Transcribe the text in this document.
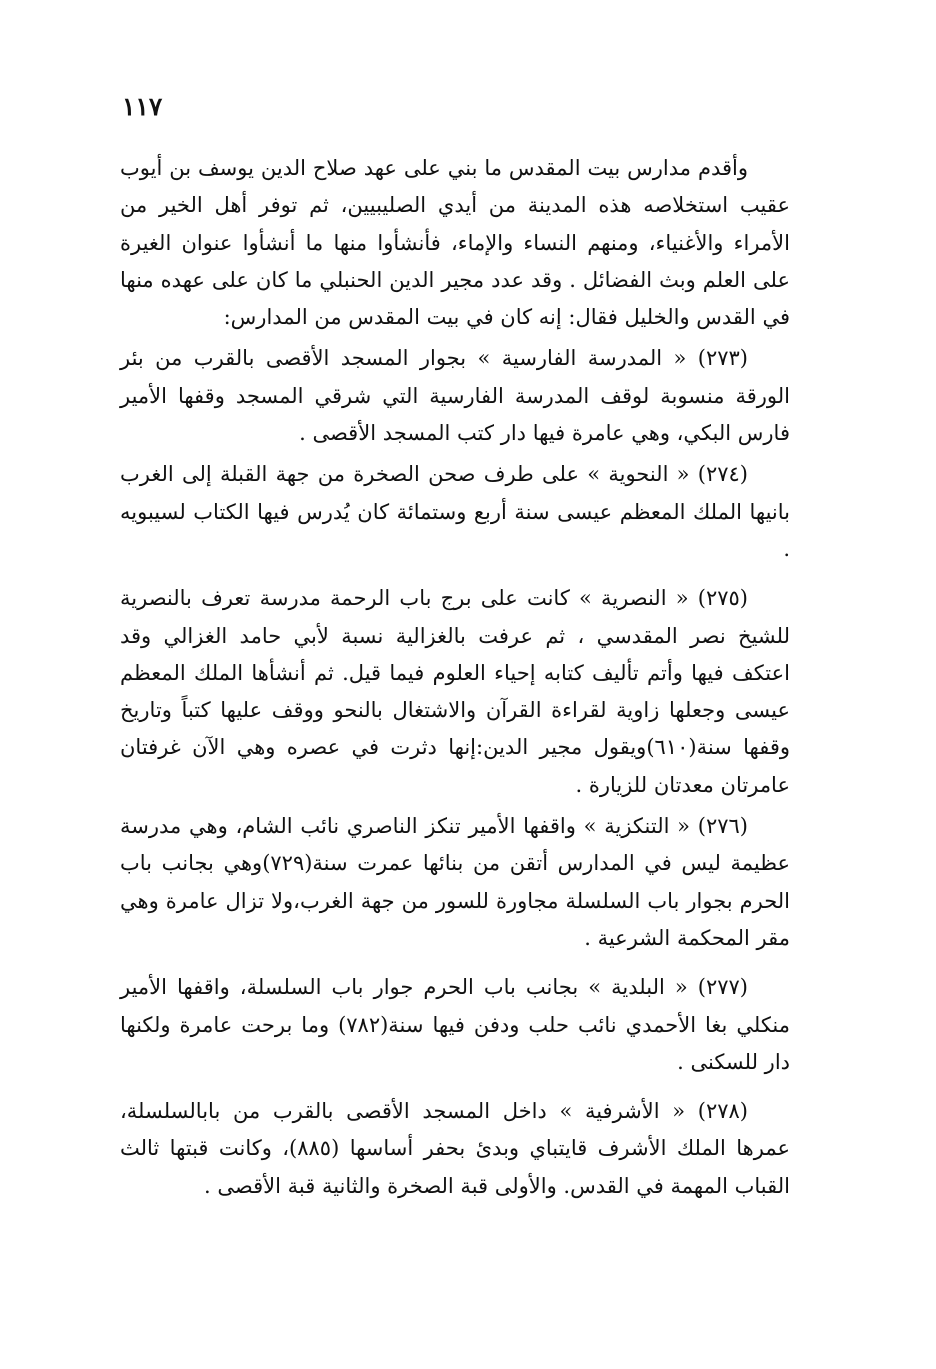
١١٧

وأقدم مدارس بيت المقدس ما بني على عهد صلاح الدين يوسف بن أيوب عقيب استخلاصه هذه المدينة من أيدي الصليبيين، ثم توفر أهل الخير من الأمراء والأغنياء، ومنهم النساء والإماء، فأنشأوا منها ما أنشأوا عنوان الغيرة على العلم وبث الفضائل . وقد عدد مجير الدين الحنبلي ما كان على عهده منها في القدس والخليل فقال: إنه كان في بيت المقدس من المدارس:

(٢٧٣) « المدرسة الفارسية » بجوار المسجد الأقصى بالقرب من بئر الورقة منسوبة لوقف المدرسة الفارسية التي شرقي المسجد وقفها الأمير فارس البكي، وهي عامرة فيها دار كتب المسجد الأقصى .

(٢٧٤) « النحوية » على طرف صحن الصخرة من جهة القبلة إلى الغرب بانيها الملك المعظم عيسى سنة أربع وستمائة كان يُدرس فيها الكتاب لسيبويه .

(٢٧٥) « النصرية » كانت على برج باب الرحمة مدرسة تعرف بالنصرية للشيخ نصر المقدسي ، ثم عرفت بالغزالية نسبة لأبي حامد الغزالي وقد اعتكف فيها وأتم تأليف كتابه إحياء العلوم فيما قيل. ثم أنشأها الملك المعظم عيسى وجعلها زاوية لقراءة القرآن والاشتغال بالنحو ووقف عليها كتباً وتاريخ وقفها سنة(٦١٠)ويقول مجير الدين:إنها دثرت في عصره وهي الآن غرفتان عامرتان معدتان للزيارة .

(٢٧٦) « التنكزية » واقفها الأمير تنكز الناصري نائب الشام، وهي مدرسة عظيمة ليس في المدارس أتقن من بنائها عمرت سنة(٧٢٩)وهي بجانب باب الحرم بجوار باب السلسلة مجاورة للسور من جهة الغرب،ولا تزال عامرة وهي مقر المحكمة الشرعية .

(٢٧٧) « البلدية » بجانب باب الحرم جوار باب السلسلة، واقفها الأمير منكلي بغا الأحمدي نائب حلب ودفن فيها سنة(٧٨٢) وما برحت عامرة ولكنها دار للسكنى .

(٢٧٨) « الأشرفية » داخل المسجد الأقصى بالقرب من بابالسلسلة، عمرها الملك الأشرف قايتباي وبدئ بحفر أساسها (٨٨٥)، وكانت قبتها ثالث القباب المهمة في القدس. والأولى قبة الصخرة والثانية قبة الأقصى .
